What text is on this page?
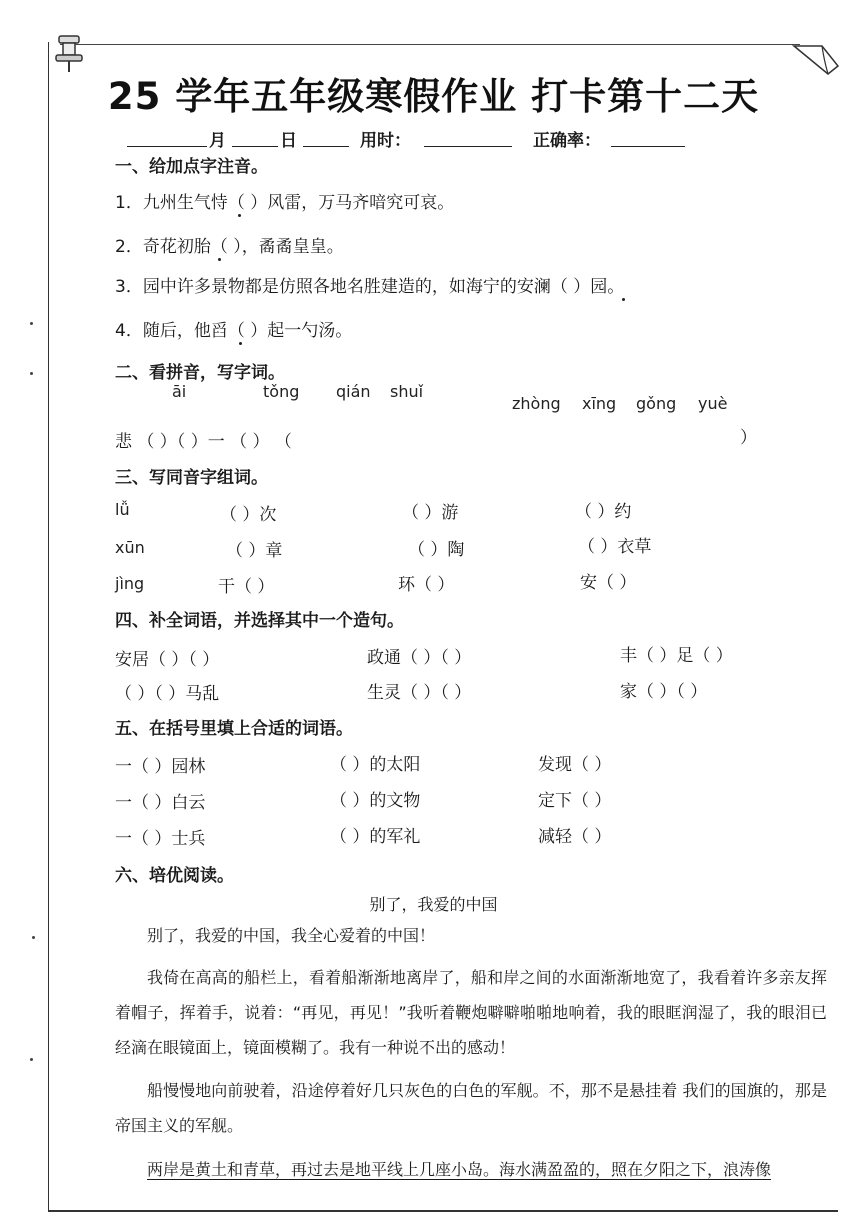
25 学年五年级寒假作业 打卡第十二天
月	日	用时：	正确率：
一、给加点字注音。
1．九州生气恃（ ）风雷，万马齐喑究可哀。
2．奇花初胎（ ），矞矞皇皇。
3．园中许多景物都是仿照各地名胜建造的，如海宁的安澜（ ）园。
4．随后，他舀（ ）起一勺汤。
二、看拼音，写字词。
āi	tǒng qián shuǐ
zhòng xīng gǒng yuè
悲 （ ）（ ）一 （ ） （	）
三、写同音字组词。
lǚ	（ ）次	（ ）游	（ ）约
xūn	（ ）章	（ ）陶	（ ）衣草
jìng	干（ ）	环（ ）	安（ ）
四、补全词语，并选择其中一个造句。
安居（ ）（ ）	政通（ ）（ ）	丰（ ）足（ ）
（ ）（ ）马乱	生灵（ ）（ ）	家（ ）（ ）
五、在括号里填上合适的词语。
一（ ）园林	（ ）的太阳	发现（ ）
一（ ）白云	（ ）的文物	定下（ ）
一（ ）士兵	（ ）的军礼	减轻（ ）
六、培优阅读。
别了，我爱的中国
别了，我爱的中国，我全心爱着的中国！
我倚在高高的船栏上，看着船渐渐地离岸了，船和岸之间的水面渐渐地宽了，我看着许多亲友挥着帽子，挥着手，说着：“再见，再见！”我听着鞭炮噼噼啪啪地响着，我的眼眶润湿了，我的眼泪已经滴在眼镜面上，镜面模糊了。我有一种说不出的感动！
船慢慢地向前驶着，沿途停着好几只灰色的白色的军舰。不，那不是悬挂着 我们的国旗的，那是帝国主义的军舰。
两岸是黄土和青草，再过去是地平线上几座小岛。海水满盈盈的，照在夕阳之下，浪涛像
